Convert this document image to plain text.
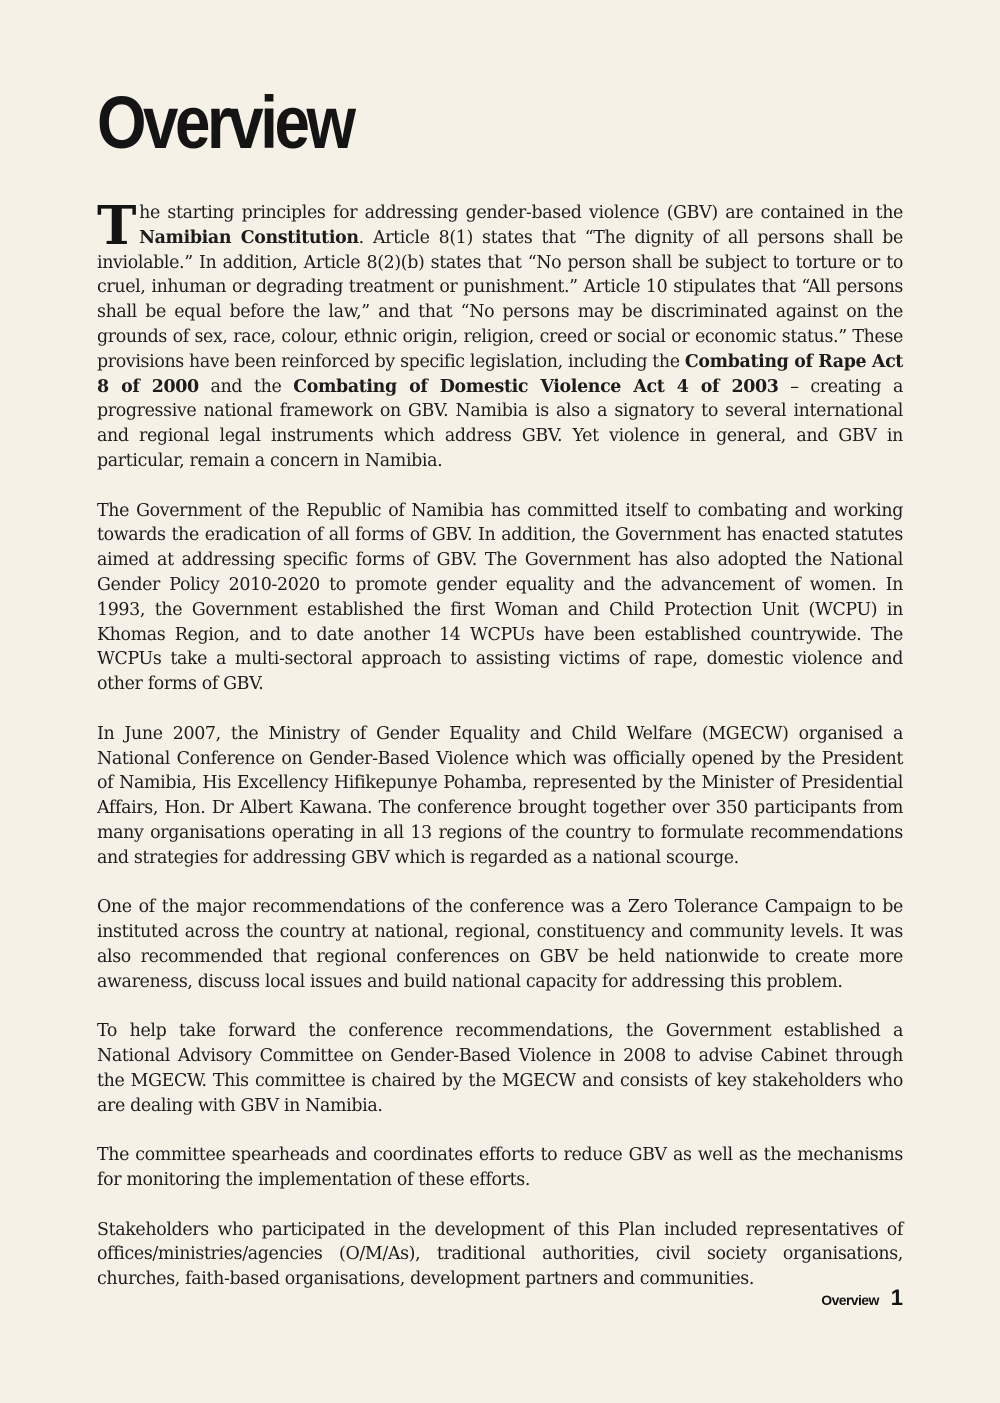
Overview

The starting principles for addressing gender-based violence (GBV) are contained in the Namibian Constitution. Article 8(1) states that “The dignity of all persons shall be inviolable.” In addition, Article 8(2)(b) states that “No person shall be subject to torture or to cruel, inhuman or degrading treatment or punishment.” Article 10 stipulates that “All persons shall be equal before the law,” and that “No persons may be discriminated against on the grounds of sex, race, colour, ethnic origin, religion, creed or social or economic status.” These provisions have been reinforced by specific legislation, including the Combating of Rape Act 8 of 2000 and the Combating of Domestic Violence Act 4 of 2003 – creating a progressive national framework on GBV. Namibia is also a signatory to several international and regional legal instruments which address GBV. Yet violence in general, and GBV in particular, remain a concern in Namibia.

The Government of the Republic of Namibia has committed itself to combating and working towards the eradication of all forms of GBV. In addition, the Government has enacted statutes aimed at addressing specific forms of GBV. The Government has also adopted the National Gender Policy 2010-2020 to promote gender equality and the advancement of women. In 1993, the Government established the first Woman and Child Protection Unit (WCPU) in Khomas Region, and to date another 14 WCPUs have been established countrywide. The WCPUs take a multi-sectoral approach to assisting victims of rape, domestic violence and other forms of GBV.

In June 2007, the Ministry of Gender Equality and Child Welfare (MGECW) organised a National Conference on Gender-Based Violence which was officially opened by the President of Namibia, His Excellency Hifikepunye Pohamba, represented by the Minister of Presidential Affairs, Hon. Dr Albert Kawana. The conference brought together over 350 participants from many organisations operating in all 13 regions of the country to formulate recommendations and strategies for addressing GBV which is regarded as a national scourge.

One of the major recommendations of the conference was a Zero Tolerance Campaign to be instituted across the country at national, regional, constituency and community levels. It was also recommended that regional conferences on GBV be held nationwide to create more awareness, discuss local issues and build national capacity for addressing this problem.

To help take forward the conference recommendations, the Government established a National Advisory Committee on Gender-Based Violence in 2008 to advise Cabinet through the MGECW. This committee is chaired by the MGECW and consists of key stakeholders who are dealing with GBV in Namibia.

The committee spearheads and coordinates efforts to reduce GBV as well as the mechanisms for monitoring the implementation of these efforts.

Stakeholders who participated in the development of this Plan included representatives of offices/ministries/agencies (O/M/As), traditional authorities, civil society organisations, churches, faith-based organisations, development partners and communities.

Overview 1
